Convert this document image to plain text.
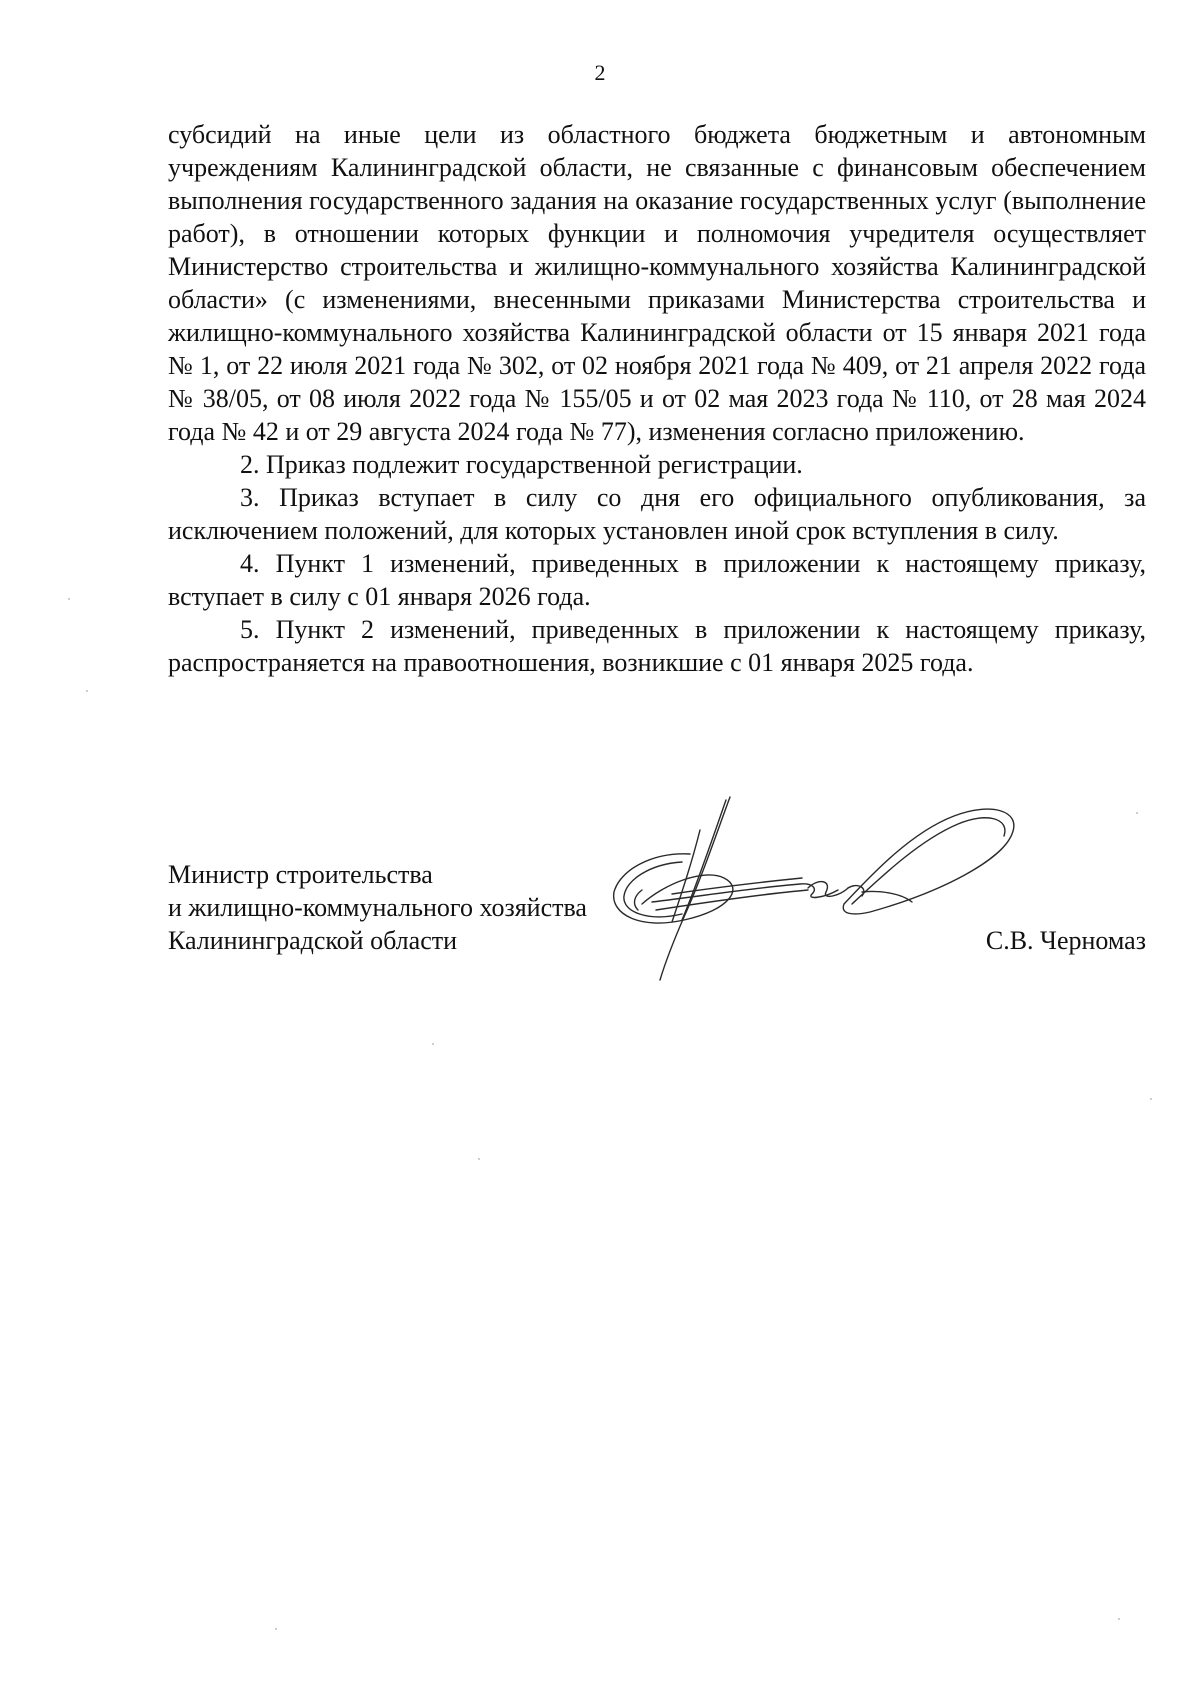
2

субсидий на иные цели из областного бюджета бюджетным и автономным учреждениям Калининградской области, не связанные с финансовым обеспечением выполнения государственного задания на оказание государственных услуг (выполнение работ), в отношении которых функции и полномочия учредителя осуществляет Министерство строительства и жилищно-коммунального хозяйства Калининградской области» (с изменениями, внесенными приказами Министерства строительства и жилищно-коммунального хозяйства Калининградской области от 15 января 2021 года № 1, от 22 июля 2021 года № 302, от 02 ноября 2021 года № 409, от 21 апреля 2022 года № 38/05, от 08 июля 2022 года № 155/05 и от 02 мая 2023 года № 110, от 28 мая 2024 года № 42 и от 29 августа 2024 года № 77), изменения согласно приложению.

2. Приказ подлежит государственной регистрации.

3. Приказ вступает в силу со дня его официального опубликования, за исключением положений, для которых установлен иной срок вступления в силу.

4. Пункт 1 изменений, приведенных в приложении к настоящему приказу, вступает в силу с 01 января 2026 года.

5. Пункт 2 изменений, приведенных в приложении к настоящему приказу, распространяется на правоотношения, возникшие с 01 января 2025 года.

Министр строительства
и жилищно-коммунального хозяйства
Калининградской области	С.В. Черномаз
